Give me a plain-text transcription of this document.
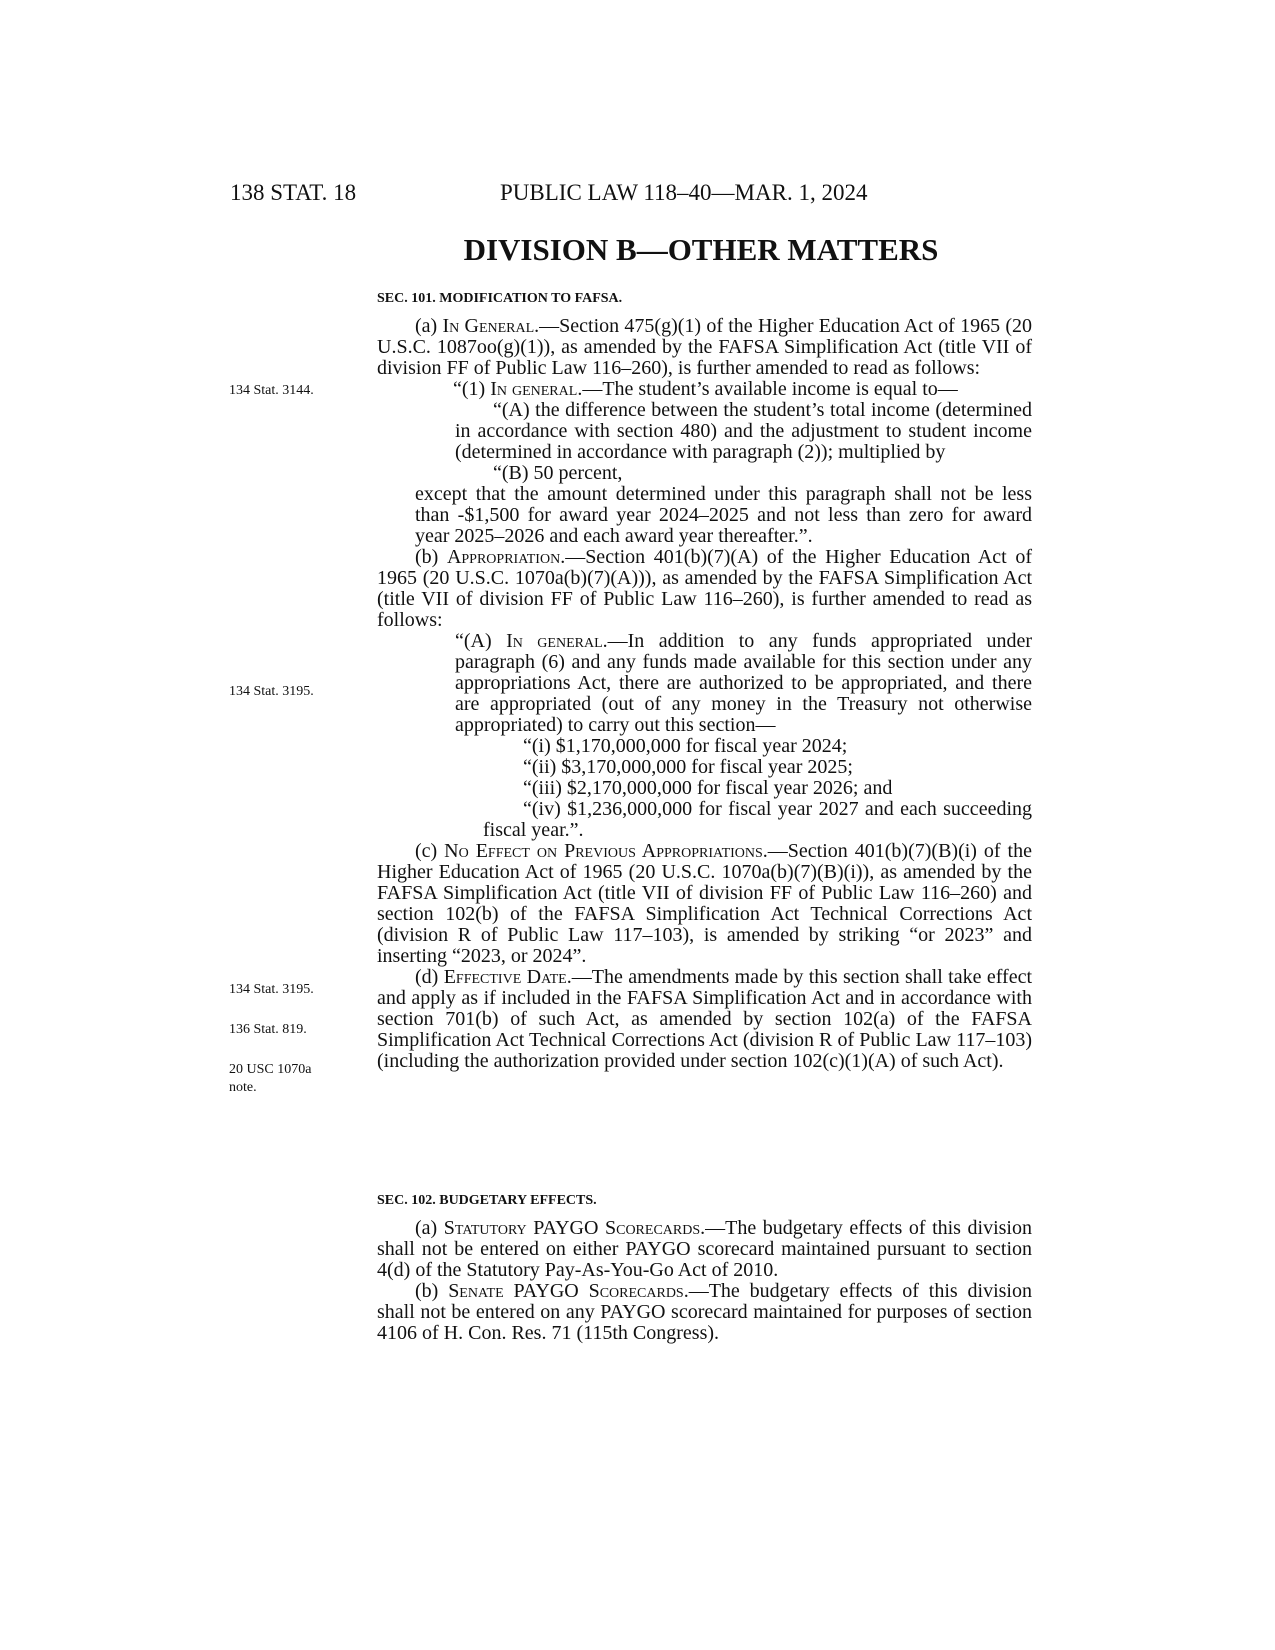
138 STAT. 18	PUBLIC LAW 118–40—MAR. 1, 2024
DIVISION B—OTHER MATTERS
134 Stat. 3144.
134 Stat. 3195.
134 Stat. 3195.
136 Stat. 819.
20 USC 1070a
note.

SEC. 101. MODIFICATION TO FAFSA.

(a) In General.—Section 475(g)(1) of the Higher Education Act of 1965 (20 U.S.C. 1087oo(g)(1)), as amended by the FAFSA Simplification Act (title VII of division FF of Public Law 116–260), is further amended to read as follows:

“(1) In general.—The student’s available income is equal to—

“(A) the difference between the student’s total income (determined in accordance with section 480) and the adjustment to student income (determined in accordance with paragraph (2)); multiplied by

“(B) 50 percent,

except that the amount determined under this paragraph shall not be less than -$1,500 for award year 2024–2025 and not less than zero for award year 2025–2026 and each award year thereafter.”.

(b) Appropriation.—Section 401(b)(7)(A) of the Higher Education Act of 1965 (20 U.S.C. 1070a(b)(7)(A))), as amended by the FAFSA Simplification Act (title VII of division FF of Public Law 116–260), is further amended to read as follows:

“(A) In general.—In addition to any funds appropriated under paragraph (6) and any funds made available for this section under any appropriations Act, there are authorized to be appropriated, and there are appropriated (out of any money in the Treasury not otherwise appropriated) to carry out this section—

“(i) $1,170,000,000 for fiscal year 2024;

“(ii) $3,170,000,000 for fiscal year 2025;

“(iii) $2,170,000,000 for fiscal year 2026; and

“(iv) $1,236,000,000 for fiscal year 2027 and each succeeding fiscal year.”.

(c) No Effect on Previous Appropriations.—Section 401(b)(7)(B)(i) of the Higher Education Act of 1965 (20 U.S.C. 1070a(b)(7)(B)(i)), as amended by the FAFSA Simplification Act (title VII of division FF of Public Law 116–260) and section 102(b) of the FAFSA Simplification Act Technical Corrections Act (division R of Public Law 117–103), is amended by striking “or 2023” and inserting “2023, or 2024”.

(d) Effective Date.—The amendments made by this section shall take effect and apply as if included in the FAFSA Simplification Act and in accordance with section 701(b) of such Act, as amended by section 102(a) of the FAFSA Simplification Act Technical Corrections Act (division R of Public Law 117–103) (including the authorization provided under section 102(c)(1)(A) of such Act).

SEC. 102. BUDGETARY EFFECTS.

(a) Statutory PAYGO Scorecards.—The budgetary effects of this division shall not be entered on either PAYGO scorecard maintained pursuant to section 4(d) of the Statutory Pay-As-You-Go Act of 2010.

(b) Senate PAYGO Scorecards.—The budgetary effects of this division shall not be entered on any PAYGO scorecard maintained for purposes of section 4106 of H. Con. Res. 71 (115th Congress).
